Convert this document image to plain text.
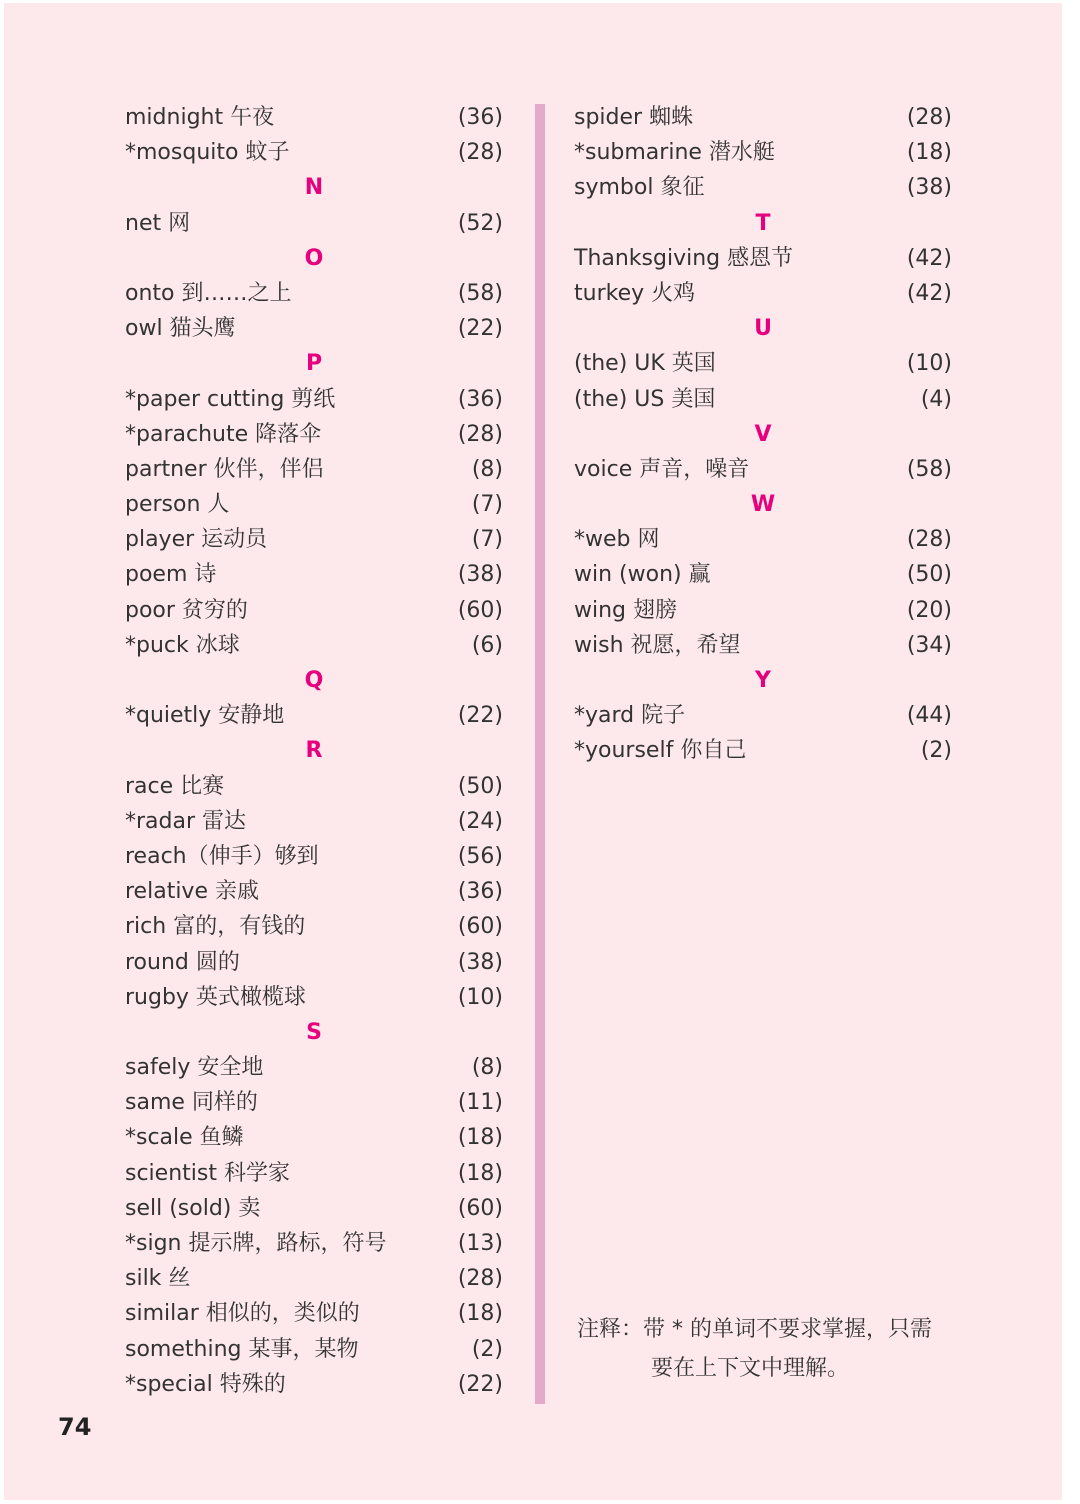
midnight 午夜	(36)
*mosquito 蚊子	(28)
N
net 网	(52)
O
onto 到……之上	(58)
owl 猫头鹰	(22)
P
*paper cutting 剪纸	(36)
*parachute 降落伞	(28)
partner 伙伴，伴侣	(8)
person 人	(7)
player 运动员	(7)
poem 诗	(38)
poor 贫穷的	(60)
*puck 冰球	(6)
Q
*quietly 安静地	(22)
R
race 比赛	(50)
*radar 雷达	(24)
reach（伸手）够到	(56)
relative 亲戚	(36)
rich 富的，有钱的	(60)
round 圆的	(38)
rugby 英式橄榄球	(10)
S
safely 安全地	(8)
same 同样的	(11)
*scale 鱼鳞	(18)
scientist 科学家	(18)
sell (sold) 卖	(60)
*sign 提示牌，路标，符号	(13)
silk 丝	(28)
similar 相似的，类似的	(18)
something 某事，某物	(2)
*special 特殊的	(22)
spider 蜘蛛	(28)
*submarine 潜水艇	(18)
symbol 象征	(38)
T
Thanksgiving 感恩节	(42)
turkey 火鸡	(42)
U
(the) UK 英国	(10)
(the) US 美国	(4)
V
voice 声音，噪音	(58)
W
*web 网	(28)
win (won) 赢	(50)
wing 翅膀	(20)
wish 祝愿，希望	(34)
Y
*yard 院子	(44)
*yourself 你自己	(2)
注释：带 * 的单词不要求掌握，只需
要在上下文中理解。
74
